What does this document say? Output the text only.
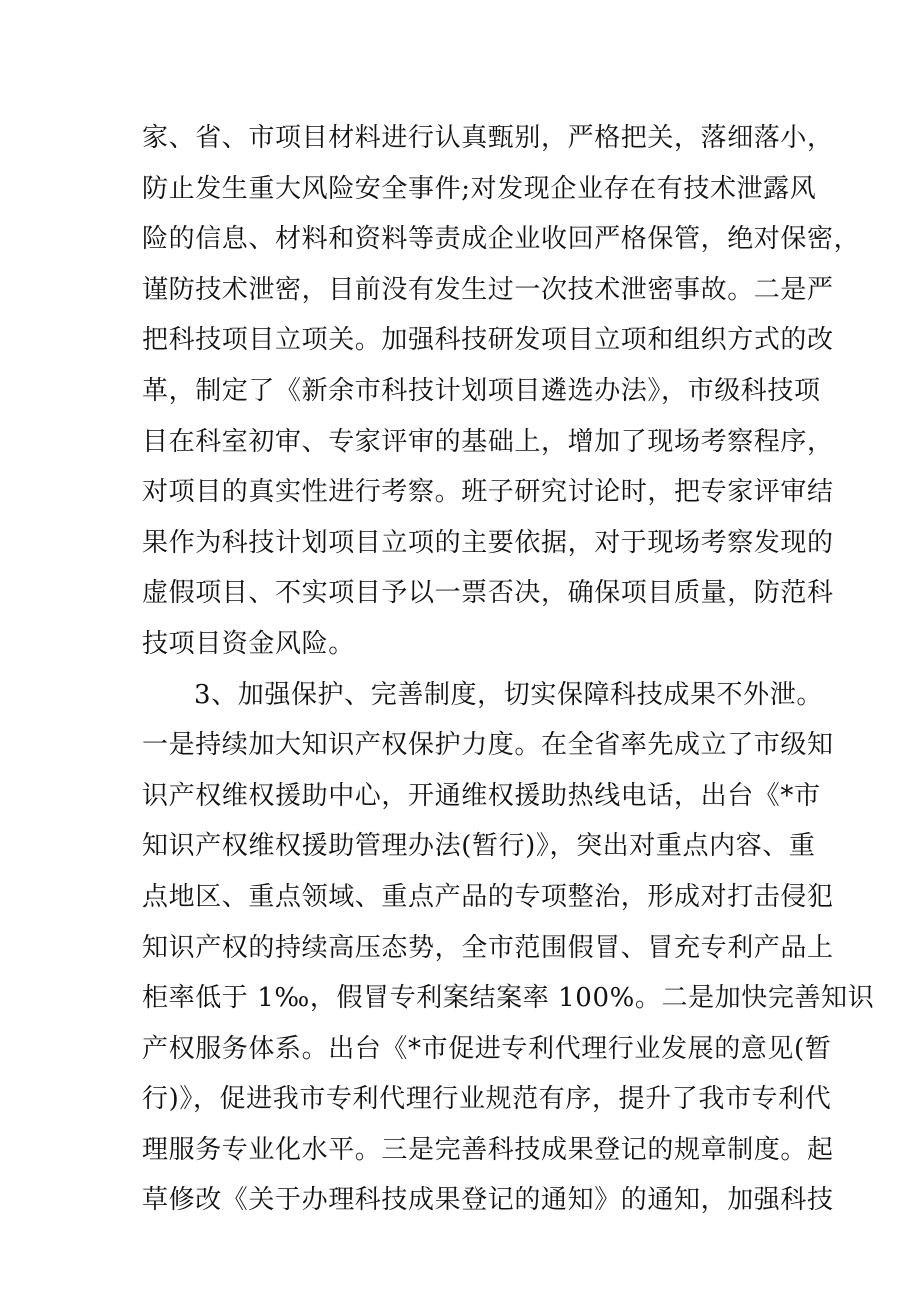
家、省、市项目材料进行认真甄别，严格把关，落细落小，
防止发生重大风险安全事件;对发现企业存在有技术泄露风
险的信息、材料和资料等责成企业收回严格保管，绝对保密，
谨防技术泄密，目前没有发生过一次技术泄密事故。二是严
把科技项目立项关。加强科技研发项目立项和组织方式的改
革，制定了《新余市科技计划项目遴选办法》，市级科技项
目在科室初审、专家评审的基础上，增加了现场考察程序，
对项目的真实性进行考察。班子研究讨论时，把专家评审结
果作为科技计划项目立项的主要依据，对于现场考察发现的
虚假项目、不实项目予以一票否决，确保项目质量，防范科
技项目资金风险。
3、加强保护、完善制度，切实保障科技成果不外泄。
一是持续加大知识产权保护力度。在全省率先成立了市级知
识产权维权援助中心，开通维权援助热线电话，出台《*市
知识产权维权援助管理办法(暂行)》，突出对重点内容、重
点地区、重点领域、重点产品的专项整治，形成对打击侵犯
知识产权的持续高压态势，全市范围假冒、冒充专利产品上
柜率低于 1‰，假冒专利案结案率 100%。二是加快完善知识
产权服务体系。出台《*市促进专利代理行业发展的意见(暂
行)》，促进我市专利代理行业规范有序，提升了我市专利代
理服务专业化水平。三是完善科技成果登记的规章制度。起
草修改《关于办理科技成果登记的通知》的通知，加强科技
